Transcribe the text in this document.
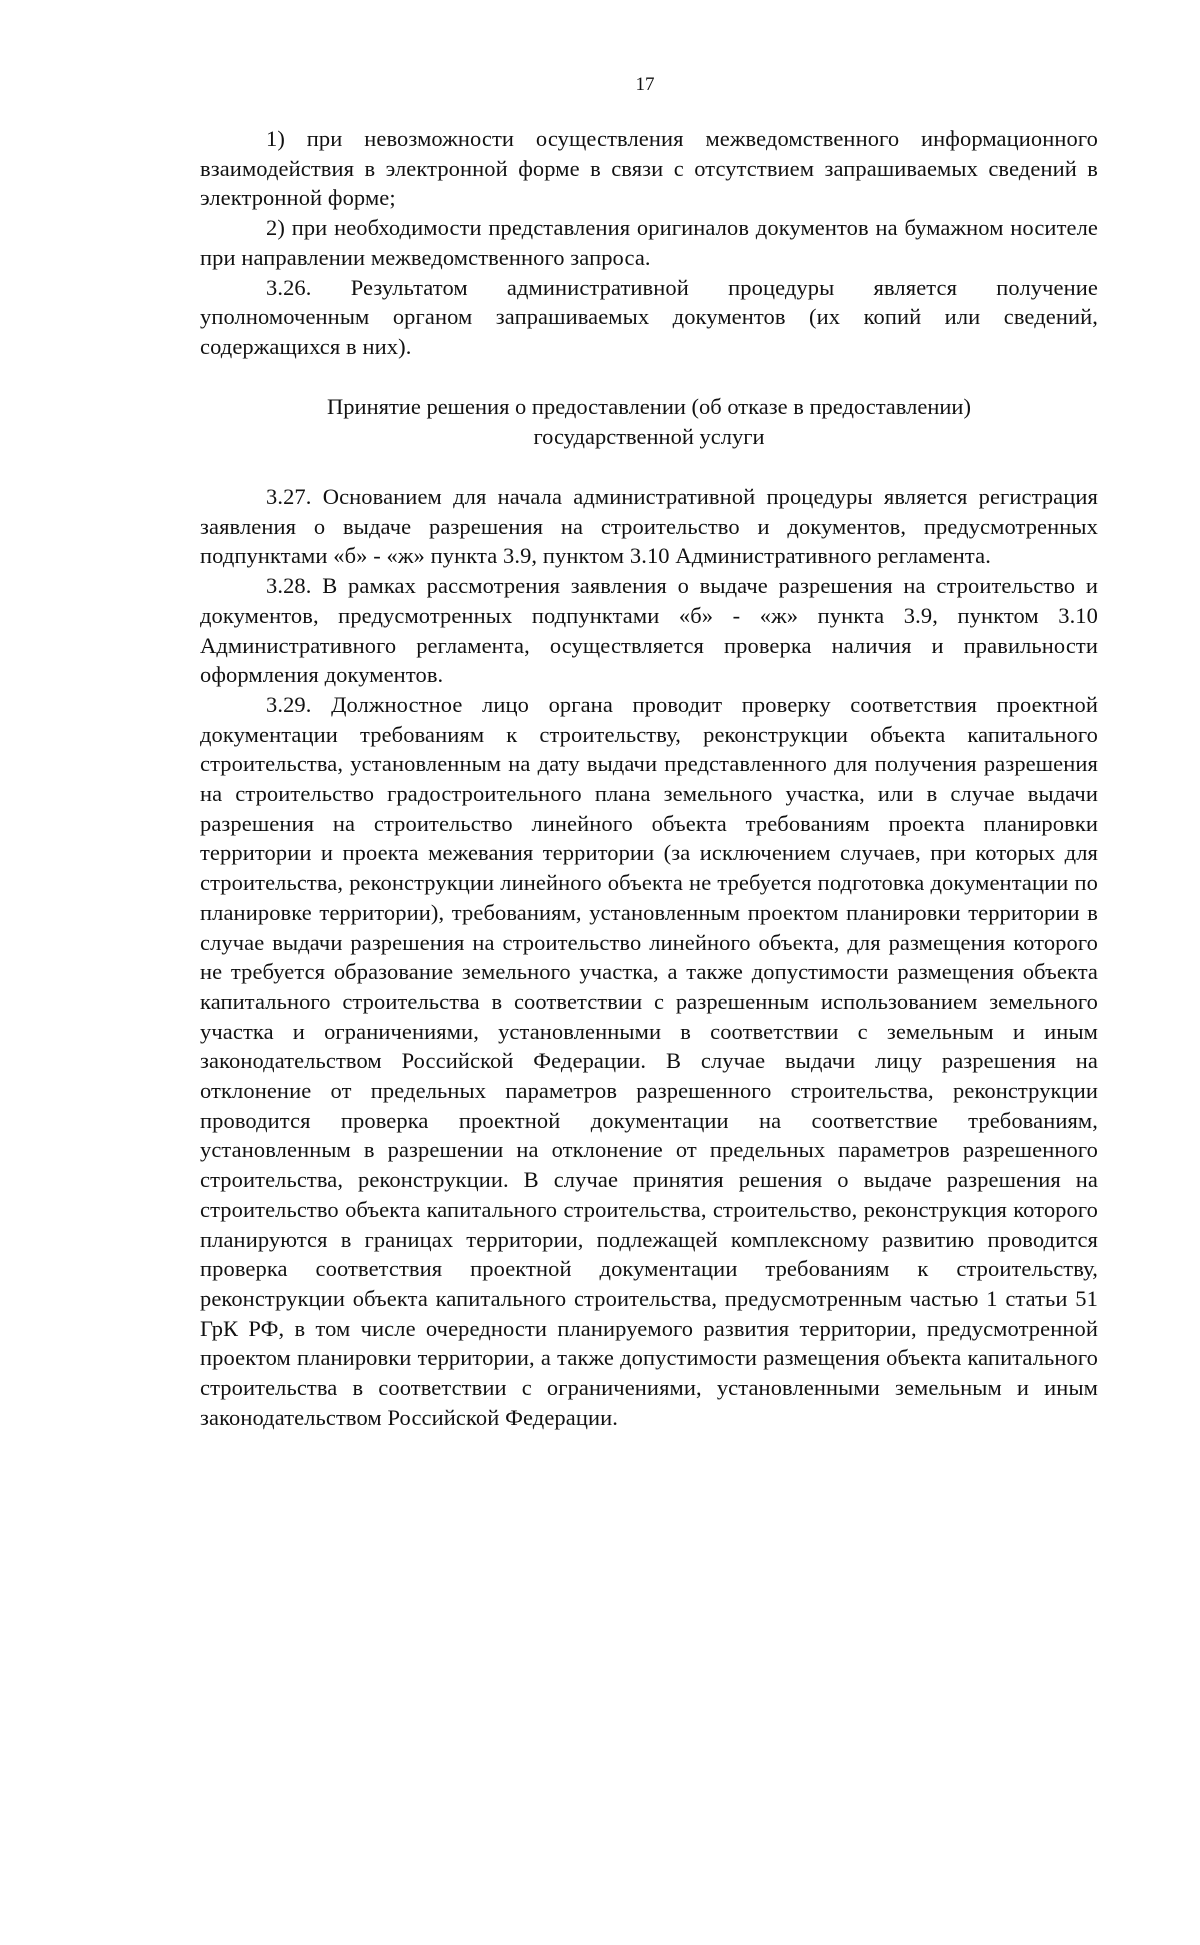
17

1) при невозможности осуществления межведомственного информационного взаимодействия в электронной форме в связи с отсутствием запрашиваемых сведений в электронной форме;

2) при необходимости представления оригиналов документов на бумажном носителе при направлении межведомственного запроса.

3.26. Результатом административной процедуры является получение уполномоченным органом запрашиваемых документов (их копий или сведений, содержащихся в них).

Принятие решения о предоставлении (об отказе в предоставлении)
государственной услуги

3.27. Основанием для начала административной процедуры является регистрация заявления о выдаче разрешения на строительство и документов, предусмотренных подпунктами «б» - «ж» пункта 3.9, пунктом 3.10 Административного регламента.

3.28. В рамках рассмотрения заявления о выдаче разрешения на строительство и документов, предусмотренных подпунктами «б» - «ж» пункта 3.9, пунктом 3.10 Административного регламента, осуществляется проверка наличия и правильности оформления документов.

3.29. Должностное лицо органа проводит проверку соответствия проектной документации требованиям к строительству, реконструкции объекта капитального строительства, установленным на дату выдачи представленного для получения разрешения на строительство градостроительного плана земельного участка, или в случае выдачи разрешения на строительство линейного объекта требованиям проекта планировки территории и проекта межевания территории (за исключением случаев, при которых для строительства, реконструкции линейного объекта не требуется подготовка документации по планировке территории), требованиям, установленным проектом планировки территории в случае выдачи разрешения на строительство линейного объекта, для размещения которого не требуется образование земельного участка, а также допустимости размещения объекта капитального строительства в соответствии с разрешенным использованием земельного участка и ограничениями, установленными в соответствии с земельным и иным законодательством Российской Федерации. В случае выдачи лицу разрешения на отклонение от предельных параметров разрешенного строительства, реконструкции проводится проверка проектной документации на соответствие требованиям, установленным в разрешении на отклонение от предельных параметров разрешенного строительства, реконструкции. В случае принятия решения о выдаче разрешения на строительство объекта капитального строительства, строительство, реконструкция которого планируются в границах территории, подлежащей комплексному развитию проводится проверка соответствия проектной документации требованиям к строительству, реконструкции объекта капитального строительства, предусмотренным частью 1 статьи 51 ГрК РФ, в том числе очередности планируемого развития территории, предусмотренной проектом планировки территории, а также допустимости размещения объекта капитального строительства в соответствии с ограничениями, установленными земельным и иным законодательством Российской Федерации.
